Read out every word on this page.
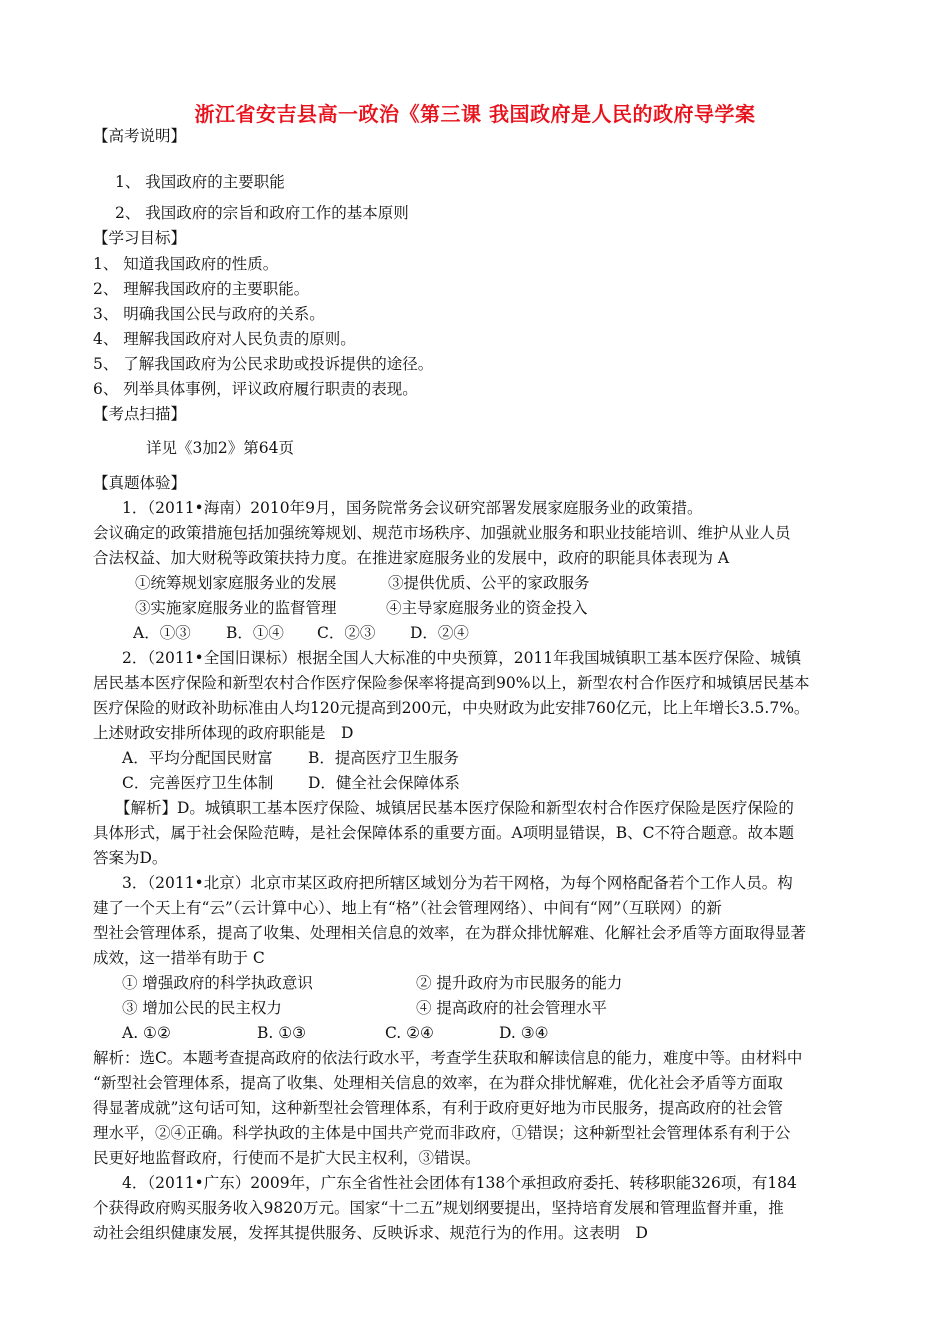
浙江省安吉县高一政治《第三课 我国政府是人民的政府导学案
【高考说明】
1、 我国政府的主要职能
2、 我国政府的宗旨和政府工作的基本原则
【学习目标】
1、 知道我国政府的性质。
2、 理解我国政府的主要职能。
3、 明确我国公民与政府的关系。
4、 理解我国政府对人民负责的原则。
5、 了解我国政府为公民求助或投诉提供的途径。
6、 列举具体事例，评议政府履行职责的表现。
【考点扫描】
详见《3加2》第64页
【真题体验】
1．（2011•海南）2010年9月，国务院常务会议研究部署发展家庭服务业的政策措。
会议确定的政策措施包括加强统筹规划、规范市场秩序、加强就业服务和职业技能培训、维护从业人员
合法权益、加大财税等政策扶持力度。在推进家庭服务业的发展中，政府的职能具体表现为 A
①统筹规划家庭服务业的发展	③提供优质、公平的家政服务
③实施家庭服务业的监督管理	④主导家庭服务业的资金投入
A．①③ B．①④ C．②③ D．②④
2．（2011•全国旧课标）根据全国人大标准的中央预算，2011年我国城镇职工基本医疗保险、城镇
居民基本医疗保险和新型农村合作医疗保险参保率将提高到90%以上，新型农村合作医疗和城镇居民基本
医疗保险的财政补助标准由人均120元提高到200元，中央财政为此安排760亿元，比上年增长3.5.7%。
上述财政安排所体现的政府职能是　D
A．平均分配国民财富 B．提高医疗卫生服务
C．完善医疗卫生体制 D．健全社会保障体系
【解析】D。城镇职工基本医疗保险、城镇居民基本医疗保险和新型农村合作医疗保险是医疗保险的
具体形式，属于社会保险范畴，是社会保障体系的重要方面。A项明显错误，B、C不符合题意。故本题
答案为D。
3．（2011•北京）北京市某区政府把所辖区域划分为若干网格，为每个网格配备若个工作人员。构
建了一个天上有“云”（云计算中心）、地上有“格”（社会管理网络）、中间有“网”（互联网）的新
型社会管理体系，提高了收集、处理相关信息的效率，在为群众排忧解难、化解社会矛盾等方面取得显著
成效，这一措举有助于 C
① 增强政府的科学执政意识	② 提升政府为市民服务的能力
③ 增加公民的民主权力	④ 提高政府的社会管理水平
A. ①②	B. ①③	C. ②④	D. ③④
解析：选C。本题考查提高政府的依法行政水平，考查学生获取和解读信息的能力，难度中等。由材料中
“新型社会管理体系，提高了收集、处理相关信息的效率，在为群众排忧解难，优化社会矛盾等方面取
得显著成就”这句话可知，这种新型社会管理体系，有利于政府更好地为市民服务，提高政府的社会管
理水平，②④正确。科学执政的主体是中国共产党而非政府，①错误；这种新型社会管理体系有利于公
民更好地监督政府，行使而不是扩大民主权利，③错误。
4．（2011•广东）2009年，广东全省性社会团体有138个承担政府委托、转移职能326项，有184
个获得政府购买服务收入9820万元。国家“十二五”规划纲要提出，坚持培育发展和管理监督并重，推
动社会组织健康发展，发挥其提供服务、反映诉求、规范行为的作用。这表明　D
